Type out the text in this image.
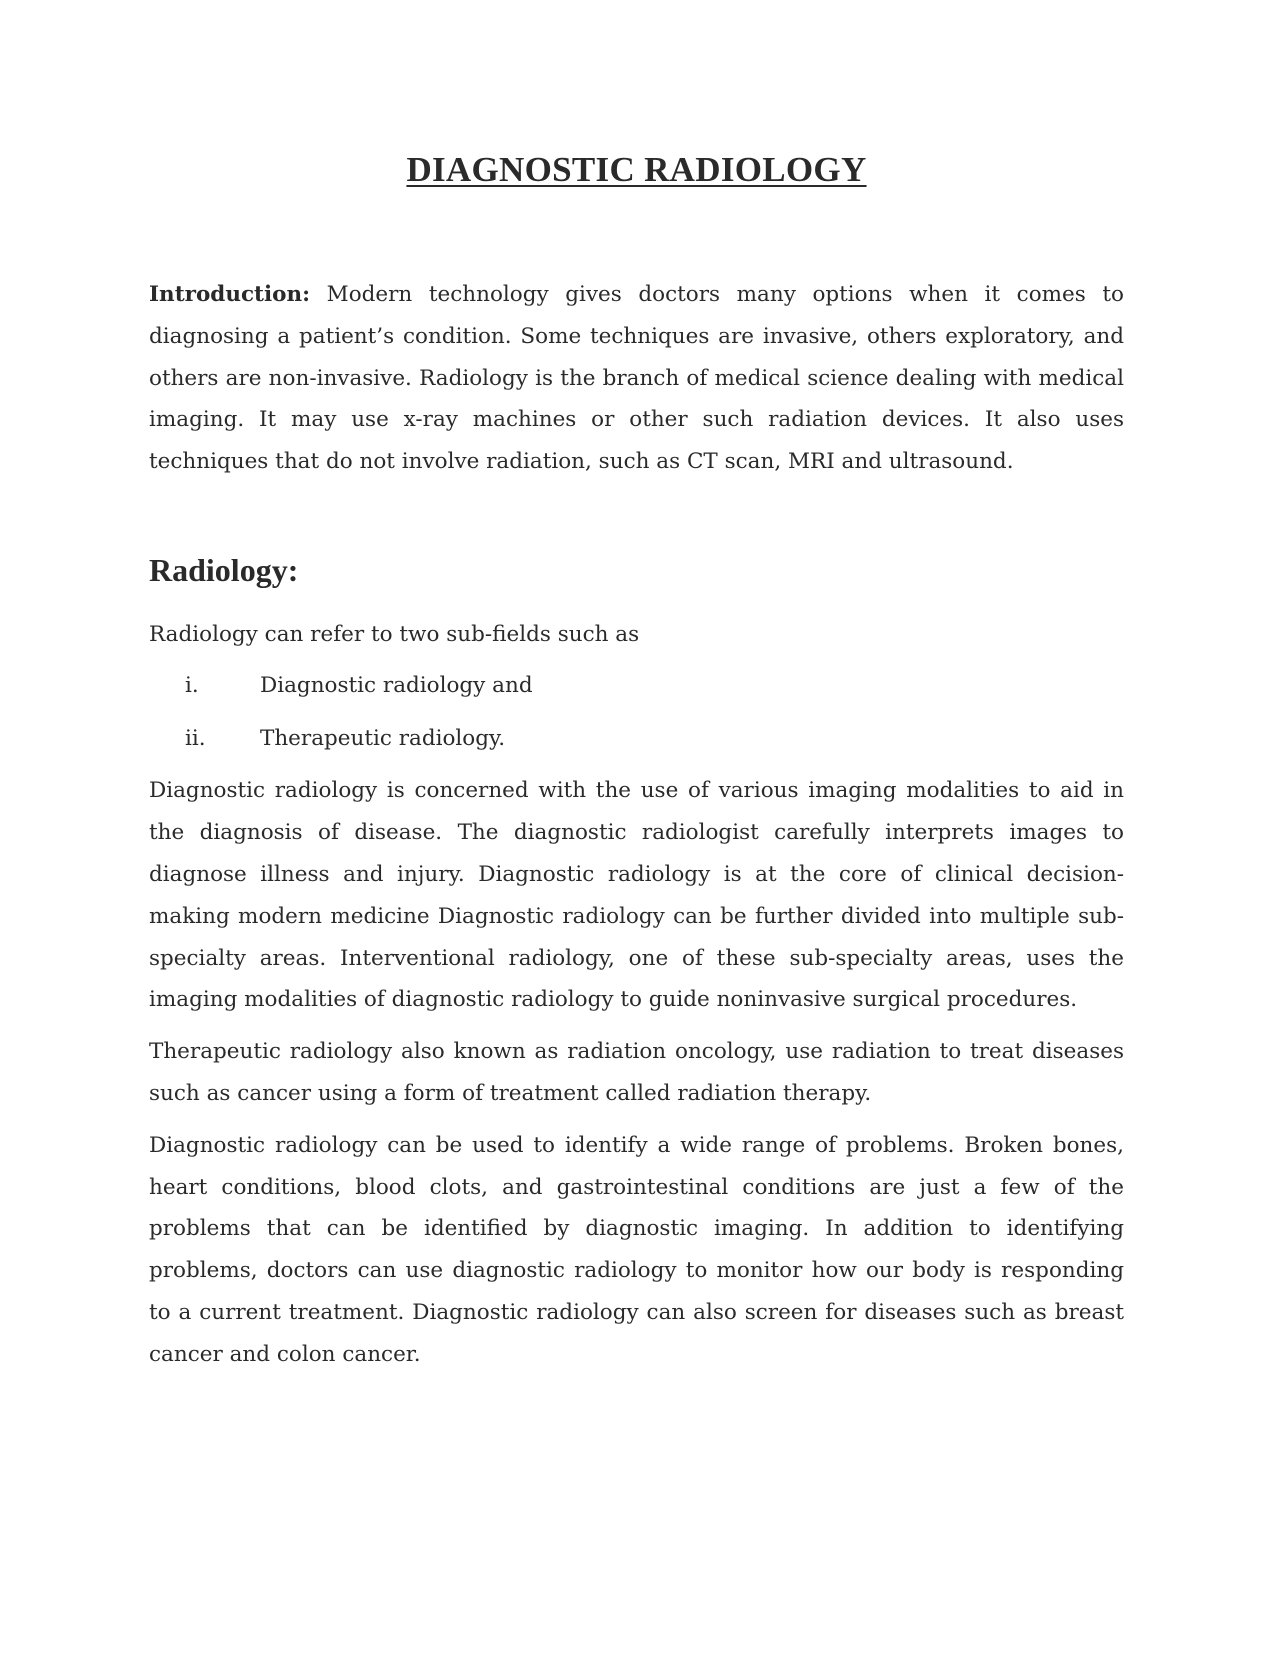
DIAGNOSTIC RADIOLOGY

Introduction: Modern technology gives doctors many options when it comes to diagnosing a patient’s condition. Some techniques are invasive, others exploratory, and others are non-invasive. Radiology is the branch of medical science dealing with medical imaging. It may use x-ray machines or other such radiation devices. It also uses techniques that do not involve radiation, such as CT scan, MRI and ultrasound.

Radiology:

Radiology can refer to two sub-fields such as

i.	Diagnostic radiology and
ii.	Therapeutic radiology.

Diagnostic radiology is concerned with the use of various imaging modalities to aid in the diagnosis of disease. The diagnostic radiologist carefully interprets images to diagnose illness and injury. Diagnostic radiology is at the core of clinical decision-making modern medicine Diagnostic radiology can be further divided into multiple sub-specialty areas. Interventional radiology, one of these sub-specialty areas, uses the imaging modalities of diagnostic radiology to guide noninvasive surgical procedures.

Therapeutic radiology also known as radiation oncology, use radiation to treat diseases such as cancer using a form of treatment called radiation therapy.

Diagnostic radiology can be used to identify a wide range of problems. Broken bones, heart conditions, blood clots, and gastrointestinal conditions are just a few of the problems that can be identified by diagnostic imaging. In addition to identifying problems, doctors can use diagnostic radiology to monitor how our body is responding to a current treatment. Diagnostic radiology can also screen for diseases such as breast cancer and colon cancer.
